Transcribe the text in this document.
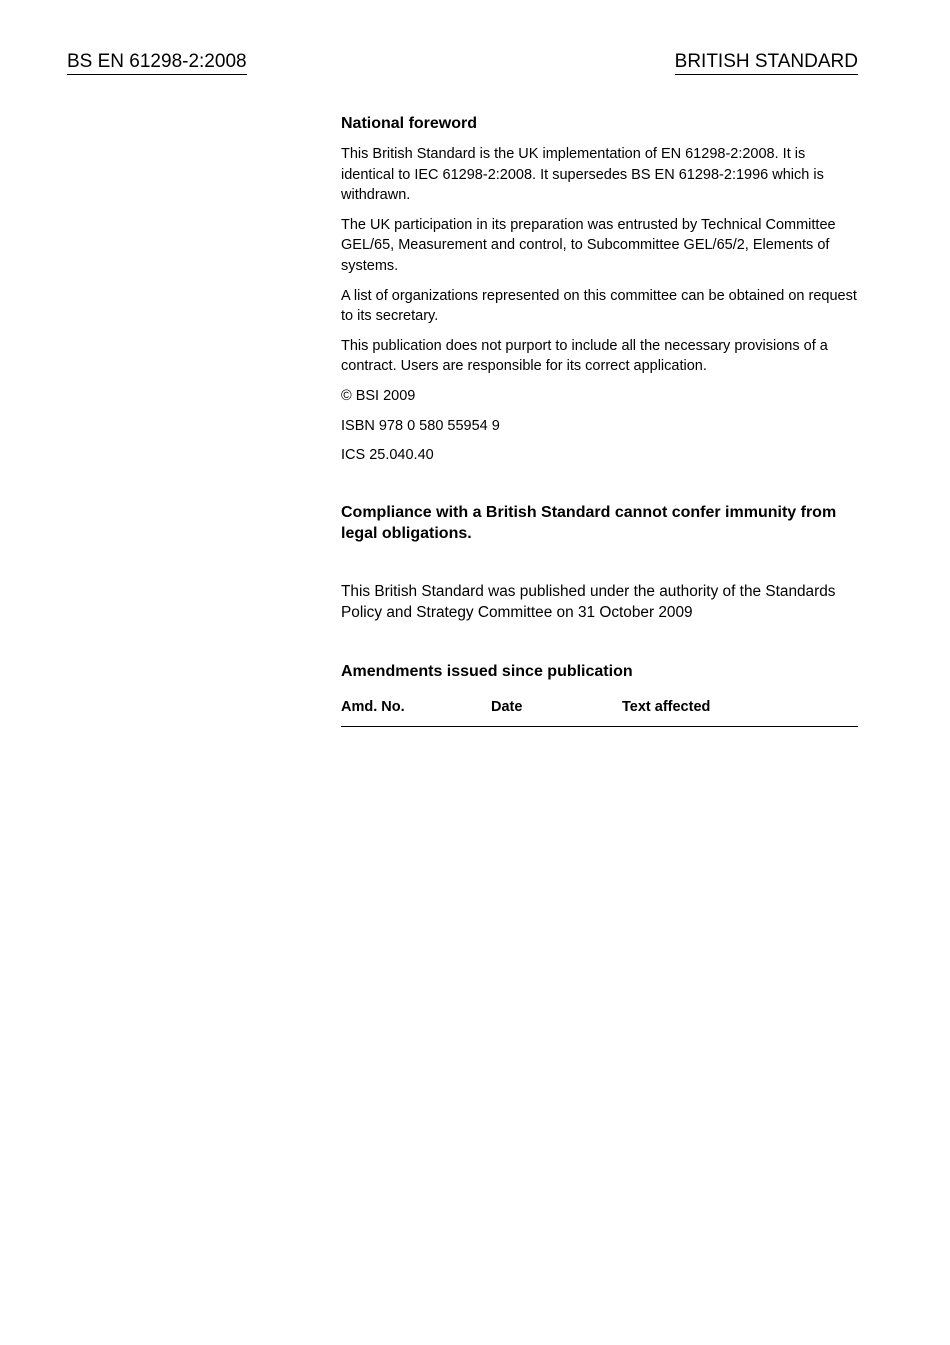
BS EN 61298-2:2008	BRITISH STANDARD

National foreword

This British Standard is the UK implementation of EN 61298-2:2008. It is identical to IEC 61298-2:2008. It supersedes BS EN 61298-2:1996 which is withdrawn.

The UK participation in its preparation was entrusted by Technical Committee GEL/65, Measurement and control, to Subcommittee GEL/65/2, Elements of systems.

A list of organizations represented on this committee can be obtained on request to its secretary.

This publication does not purport to include all the necessary provisions of a contract. Users are responsible for its correct application.

© BSI 2009

ISBN 978 0 580 55954 9

ICS 25.040.40

Compliance with a British Standard cannot confer immunity from legal obligations.

This British Standard was published under the authority of the Standards Policy and Strategy Committee on 31 October 2009

Amendments issued since publication

Amd. No.	Date	Text affected
